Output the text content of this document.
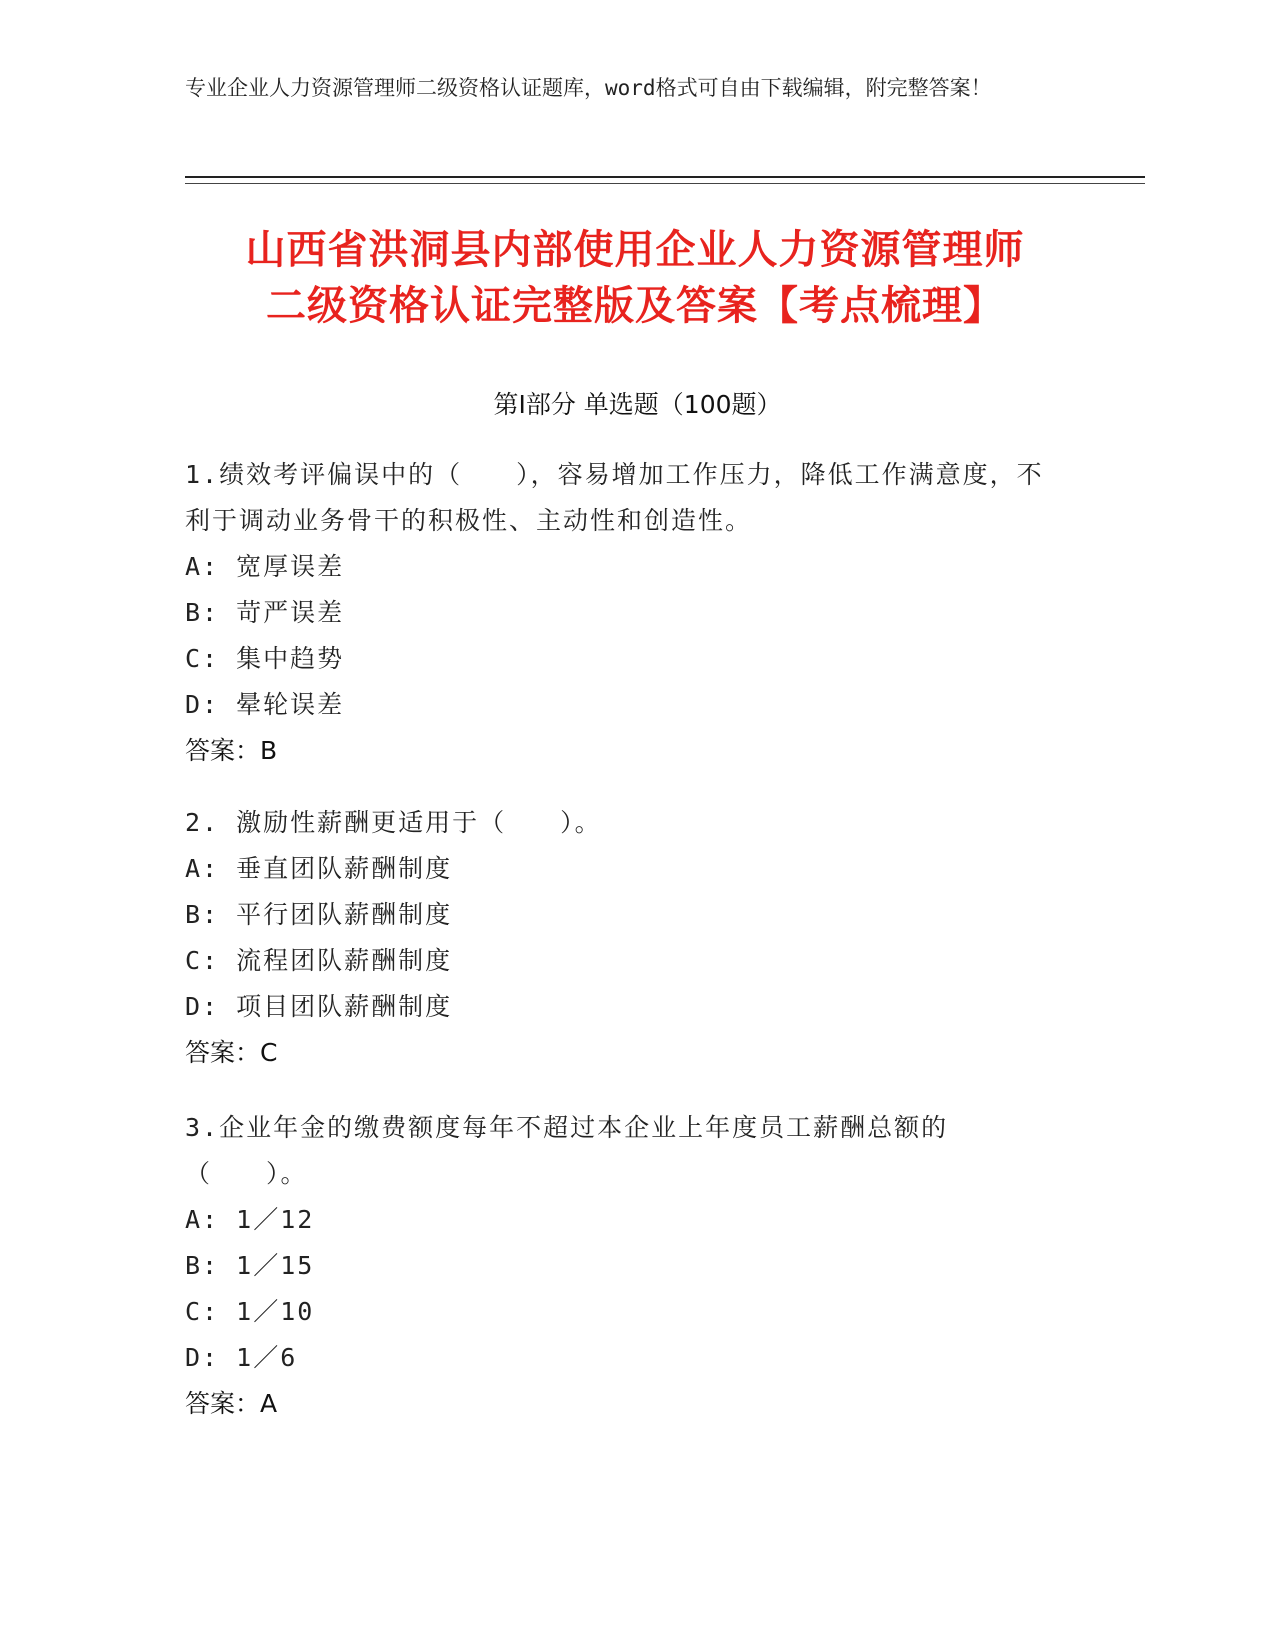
专业企业人力资源管理师二级资格认证题库，word格式可自由下载编辑，附完整答案！
山西省洪洞县内部使用企业人力资源管理师
二级资格认证完整版及答案【考点梳理】
第Ⅰ部分 单选题（100题）
1.绩效考评偏误中的（　　），容易增加工作压力，降低工作满意度，不利于调动业务骨干的积极性、主动性和创造性。
A: 宽厚误差
B: 苛严误差
C: 集中趋势
D: 晕轮误差
答案：B
2. 激励性薪酬更适用于（　　）。
A: 垂直团队薪酬制度
B: 平行团队薪酬制度
C: 流程团队薪酬制度
D: 项目团队薪酬制度
答案：C
3.企业年金的缴费额度每年不超过本企业上年度员工薪酬总额的（　　）。
A: 1／12
B: 1／15
C: 1／10
D: 1／6
答案：A
